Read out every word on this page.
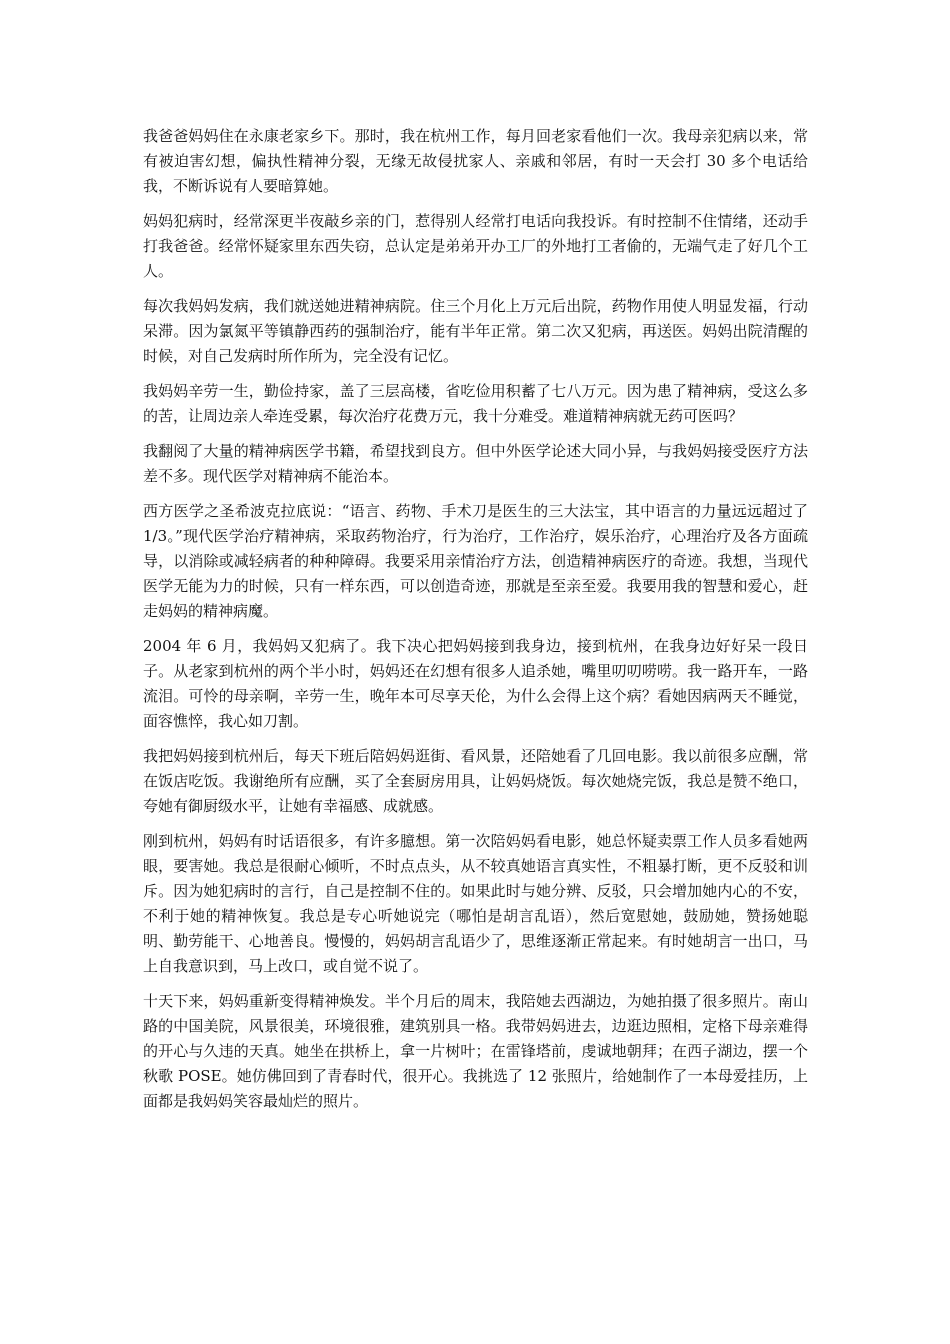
我爸爸妈妈住在永康老家乡下。那时，我在杭州工作，每月回老家看他们一次。我母亲犯病以来，常有被迫害幻想，偏执性精神分裂，无缘无故侵扰家人、亲戚和邻居，有时一天会打 30 多个电话给我，不断诉说有人要暗算她。

妈妈犯病时，经常深更半夜敲乡亲的门，惹得别人经常打电话向我投诉。有时控制不住情绪，还动手打我爸爸。经常怀疑家里东西失窃，总认定是弟弟开办工厂的外地打工者偷的，无端气走了好几个工人。

每次我妈妈发病，我们就送她进精神病院。住三个月化上万元后出院，药物作用使人明显发福，行动呆滞。因为氯氮平等镇静西药的强制治疗，能有半年正常。第二次又犯病，再送医。妈妈出院清醒的时候，对自己发病时所作所为，完全没有记忆。

我妈妈辛劳一生，勤俭持家，盖了三层高楼，省吃俭用积蓄了七八万元。因为患了精神病，受这么多的苦，让周边亲人牵连受累，每次治疗花费万元，我十分难受。难道精神病就无药可医吗？

我翻阅了大量的精神病医学书籍，希望找到良方。但中外医学论述大同小异，与我妈妈接受医疗方法差不多。现代医学对精神病不能治本。

西方医学之圣希波克拉底说：“语言、药物、手术刀是医生的三大法宝，其中语言的力量远远超过了 1/3。”现代医学治疗精神病，采取药物治疗，行为治疗，工作治疗，娱乐治疗，心理治疗及各方面疏导，以消除或减轻病者的种种障碍。我要采用亲情治疗方法，创造精神病医疗的奇迹。我想，当现代医学无能为力的时候，只有一样东西，可以创造奇迹，那就是至亲至爱。我要用我的智慧和爱心，赶走妈妈的精神病魔。

2004 年 6 月，我妈妈又犯病了。我下决心把妈妈接到我身边，接到杭州，在我身边好好呆一段日子。从老家到杭州的两个半小时，妈妈还在幻想有很多人追杀她，嘴里叨叨唠唠。我一路开车，一路流泪。可怜的母亲啊，辛劳一生，晚年本可尽享天伦，为什么会得上这个病？看她因病两天不睡觉，面容憔悴，我心如刀割。

我把妈妈接到杭州后，每天下班后陪妈妈逛街、看风景，还陪她看了几回电影。我以前很多应酬，常在饭店吃饭。我谢绝所有应酬，买了全套厨房用具，让妈妈烧饭。每次她烧完饭，我总是赞不绝口，夸她有御厨级水平，让她有幸福感、成就感。

刚到杭州，妈妈有时话语很多，有许多臆想。第一次陪妈妈看电影，她总怀疑卖票工作人员多看她两眼，要害她。我总是很耐心倾听，不时点点头，从不较真她语言真实性，不粗暴打断，更不反驳和训斥。因为她犯病时的言行，自己是控制不住的。如果此时与她分辨、反驳，只会增加她内心的不安，不利于她的精神恢复。我总是专心听她说完（哪怕是胡言乱语），然后宽慰她，鼓励她，赞扬她聪明、勤劳能干、心地善良。慢慢的，妈妈胡言乱语少了，思维逐渐正常起来。有时她胡言一出口，马上自我意识到，马上改口，或自觉不说了。

十天下来，妈妈重新变得精神焕发。半个月后的周末，我陪她去西湖边，为她拍摄了很多照片。南山路的中国美院，风景很美，环境很雅，建筑别具一格。我带妈妈进去，边逛边照相，定格下母亲难得的开心与久违的天真。她坐在拱桥上，拿一片树叶；在雷锋塔前，虔诚地朝拜；在西子湖边，摆一个秋歌 POSE。她仿佛回到了青春时代，很开心。我挑选了 12 张照片，给她制作了一本母爱挂历，上面都是我妈妈笑容最灿烂的照片。
